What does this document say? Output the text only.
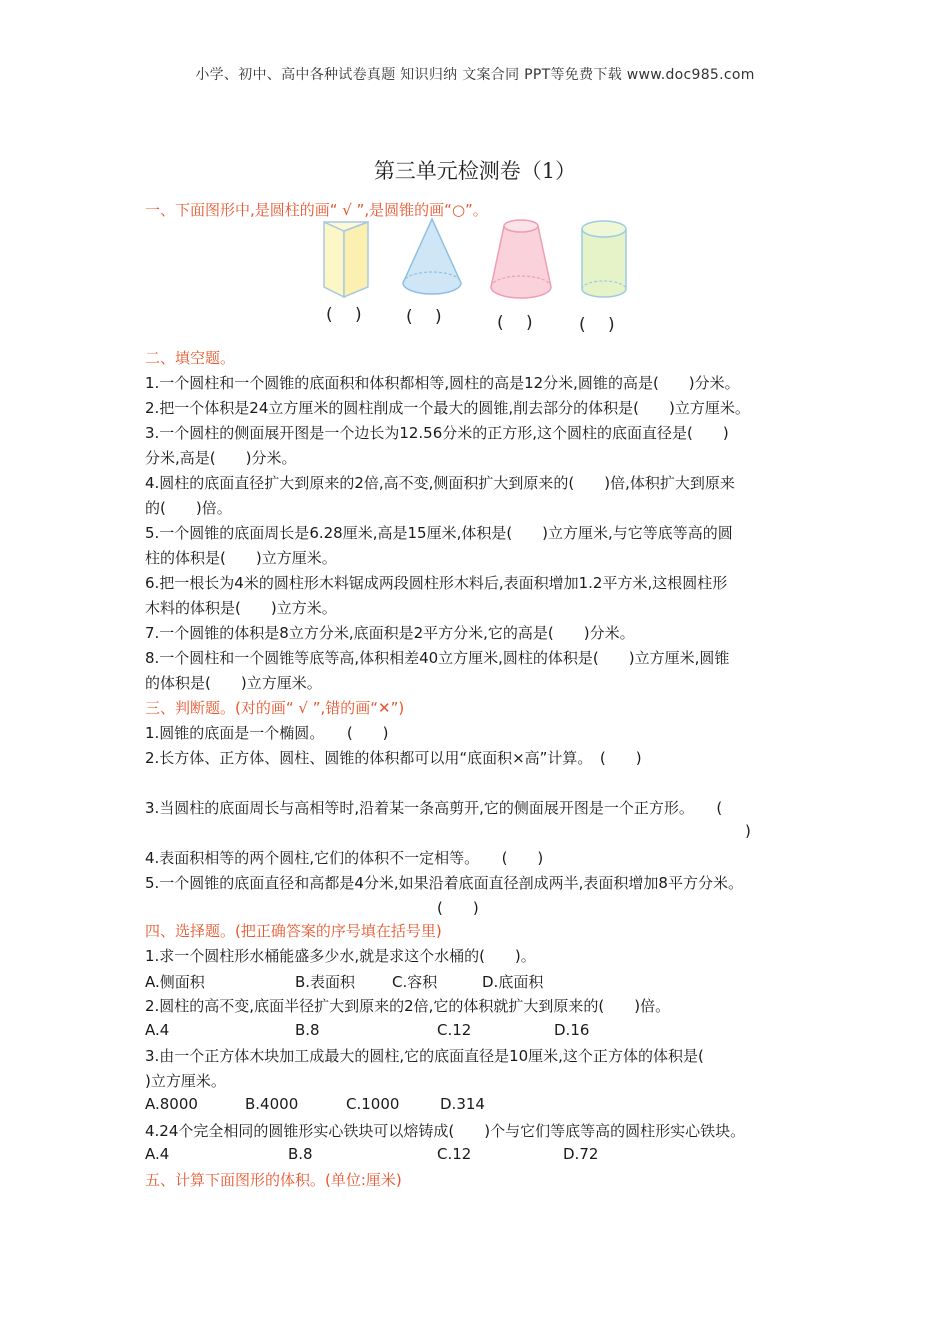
小学、初中、高中各种试卷真题 知识归纳 文案合同 PPT等免费下载 www.doc985.com
第三单元检测卷（1）
一、下面图形中,是圆柱的画“ √ ”,是圆锥的画“○”。
(　 )	(　 )	(　 )	(　 )
二、填空题。
1.一个圆柱和一个圆锥的底面积和体积都相等,圆柱的高是12分米,圆锥的高是(　　)分米。
2.把一个体积是24立方厘米的圆柱削成一个最大的圆锥,削去部分的体积是(　　)立方厘米。
3.一个圆柱的侧面展开图是一个边长为12.56分米的正方形,这个圆柱的底面直径是(　　)
分米,高是(　　)分米。
4.圆柱的底面直径扩大到原来的2倍,高不变,侧面积扩大到原来的(　　)倍,体积扩大到原来
的(　　)倍。
5.一个圆锥的底面周长是6.28厘米,高是15厘米,体积是(　　)立方厘米,与它等底等高的圆
柱的体积是(　　)立方厘米。
6.把一根长为4米的圆柱形木料锯成两段圆柱形木料后,表面积增加1.2平方米,这根圆柱形
木料的体积是(　　)立方米。
7.一个圆锥的体积是8立方分米,底面积是2平方分米,它的高是(　　)分米。
8.一个圆柱和一个圆锥等底等高,体积相差40立方厘米,圆柱的体积是(　　)立方厘米,圆锥
的体积是(　　)立方厘米。
三、判断题。(对的画“ √ ”,错的画“✕”)
1.圆锥的底面是一个椭圆。　　(　　)
2.长方体、正方体、圆柱、圆锥的体积都可以用“底面积×高”计算。　(　　)
3.当圆柱的底面周长与高相等时,沿着某一条高剪开,它的侧面展开图是一个正方形。　　(
)
4.表面积相等的两个圆柱,它们的体积不一定相等。　　(　　)
5.一个圆锥的底面直径和高都是4分米,如果沿着底面直径剖成两半,表面积增加8平方分米。
(　　)
四、选择题。(把正确答案的序号填在括号里)
1.求一个圆柱形水桶能盛多少水,就是求这个水桶的(　　)。
A.侧面积	B.表面积 C.容积	D.底面积
2.圆柱的高不变,底面半径扩大到原来的2倍,它的体积就扩大到原来的(　　)倍。
A.4	B.8	C.12	D.16
3.由一个正方体木块加工成最大的圆柱,它的底面直径是10厘米,这个正方体的体积是(
)立方厘米。
A.8000	B.4000	C.1000	D.314
4.24个完全相同的圆锥形实心铁块可以熔铸成(　　)个与它们等底等高的圆柱形实心铁块。
A.4	B.8	C.12	D.72
五、计算下面图形的体积。(单位:厘米)
